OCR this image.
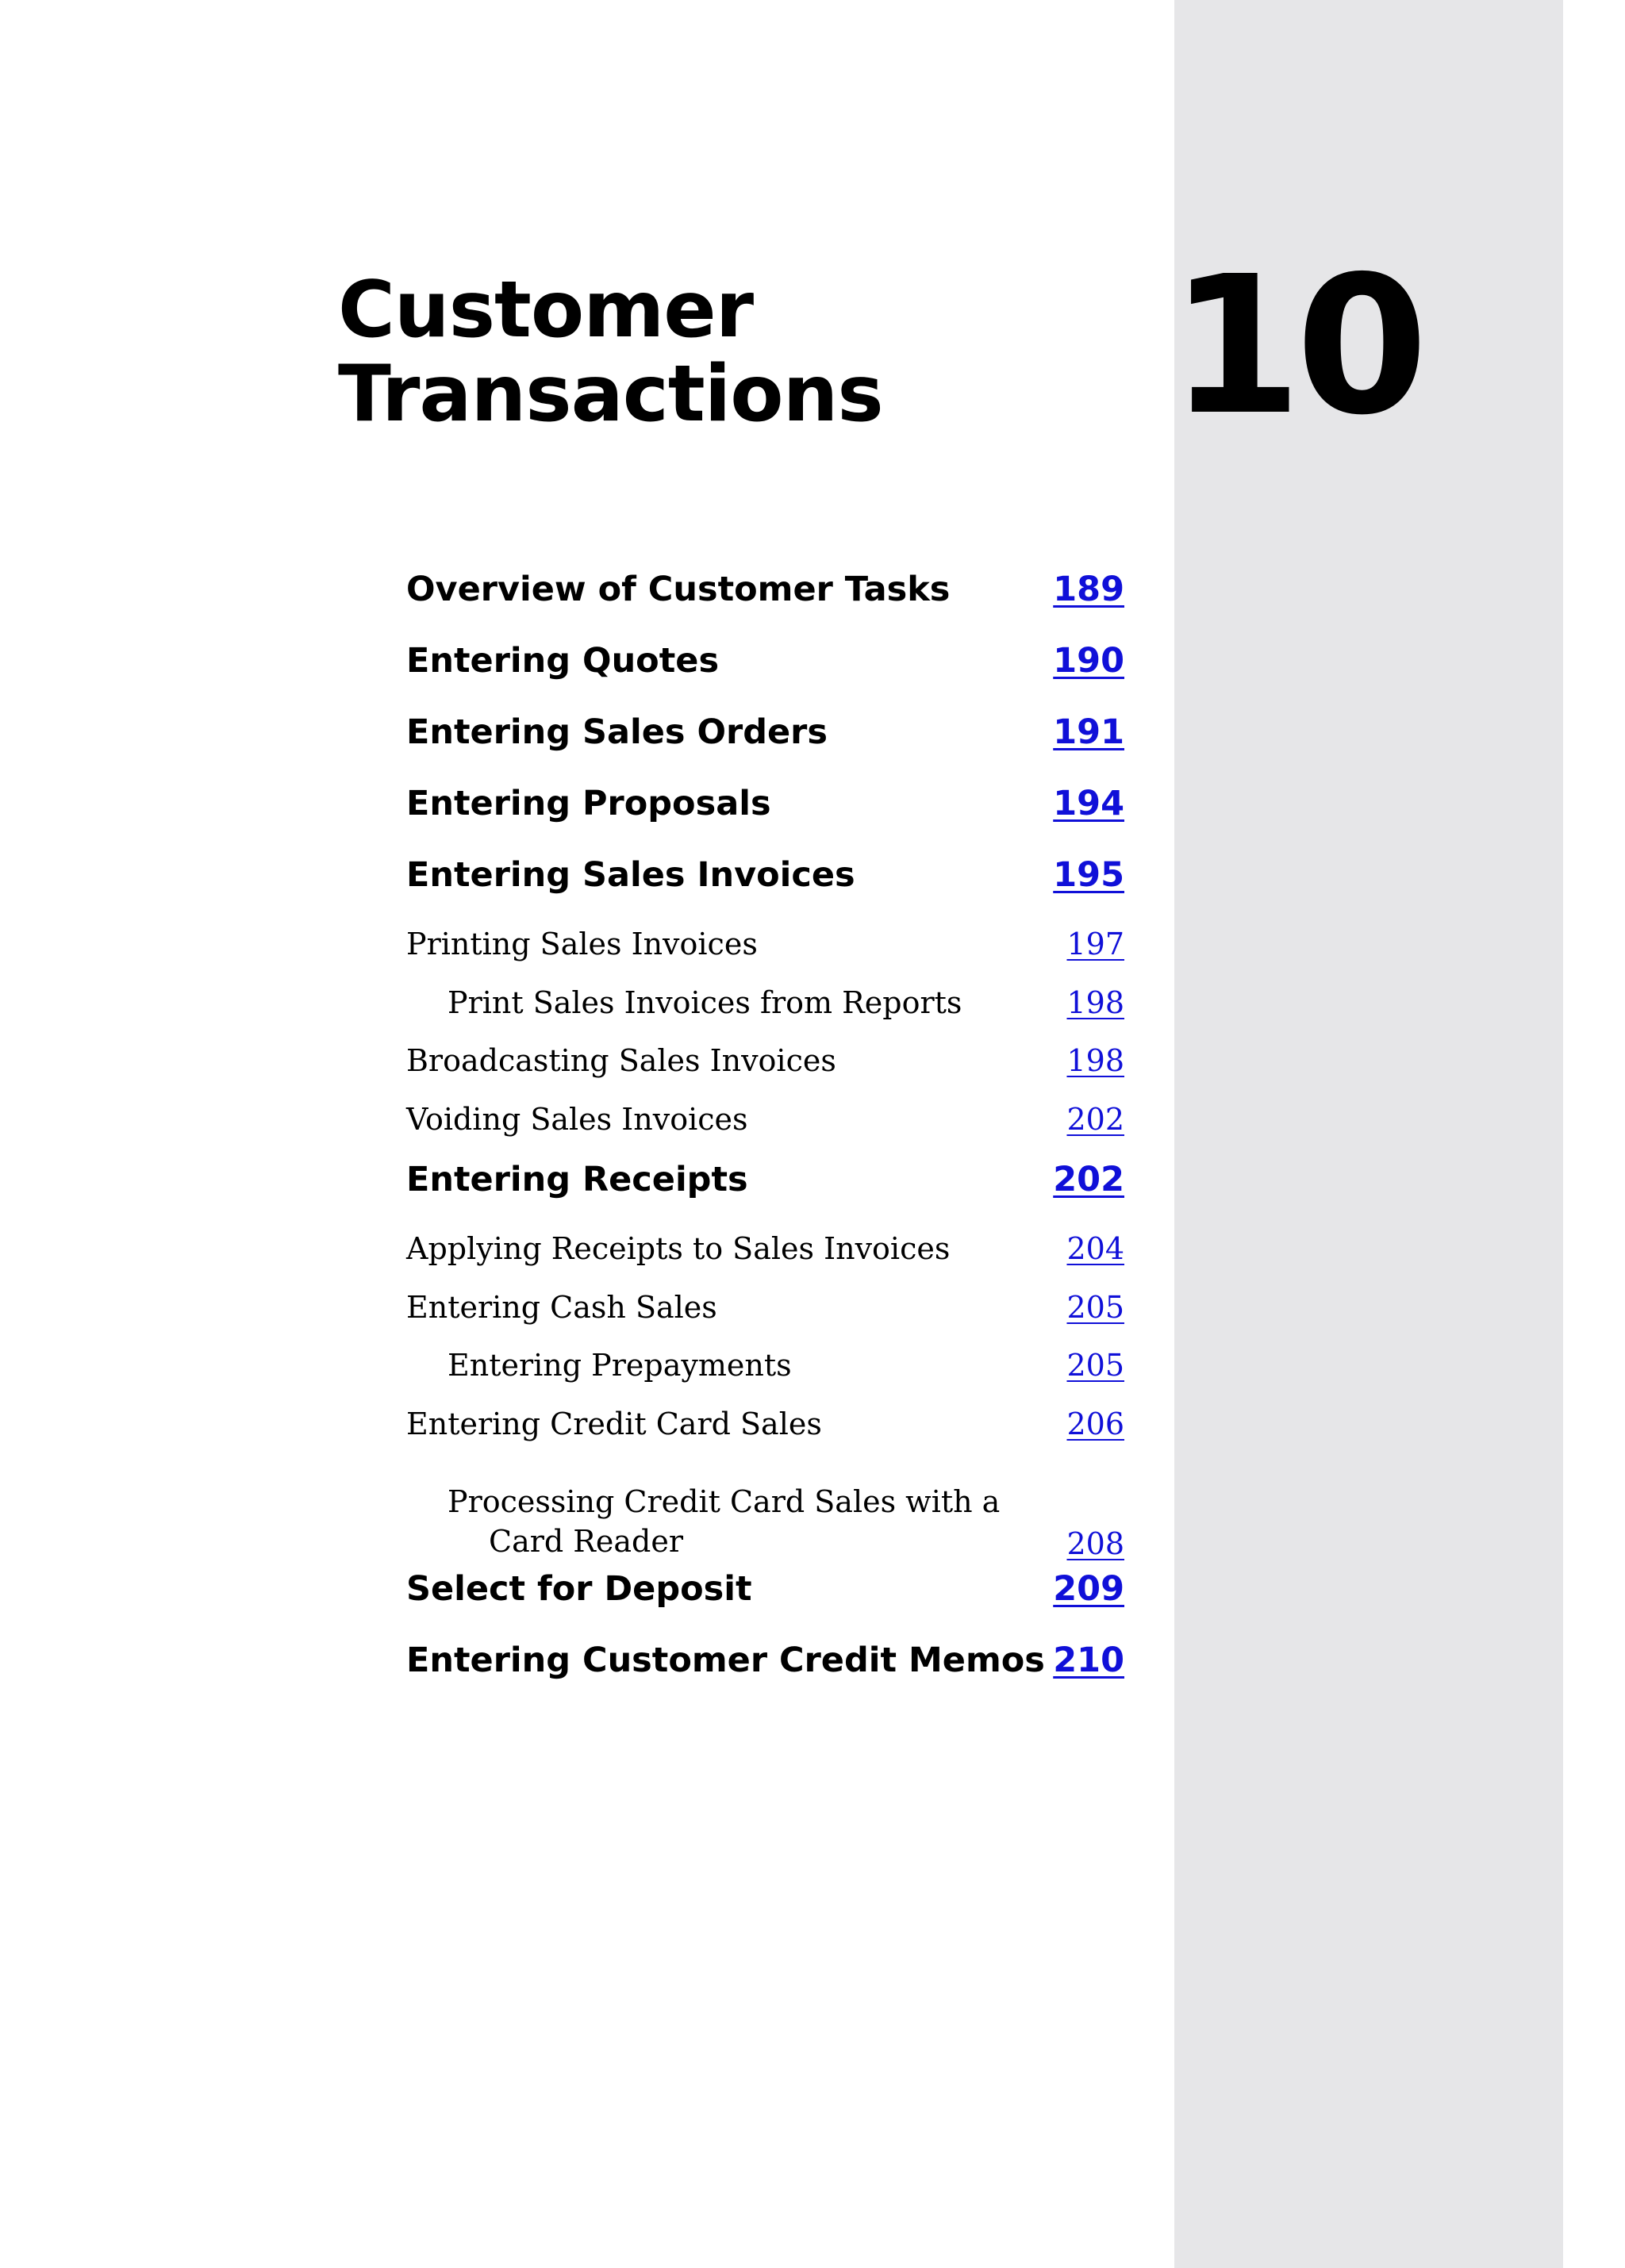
Customer
Transactions 10
Overview of Customer Tasks	189
Entering Quotes	190
Entering Sales Orders	191
Entering Proposals	194
Entering Sales Invoices	195
Printing Sales Invoices	197
Print Sales Invoices from Reports	198
Broadcasting Sales Invoices	198
Voiding Sales Invoices	202
Entering Receipts	202
Applying Receipts to Sales Invoices	204
Entering Cash Sales	205
Entering Prepayments	205
Entering Credit Card Sales	206
Processing Credit Card Sales with a
Card Reader	208
Select for Deposit	209
Entering Customer Credit Memos 210
